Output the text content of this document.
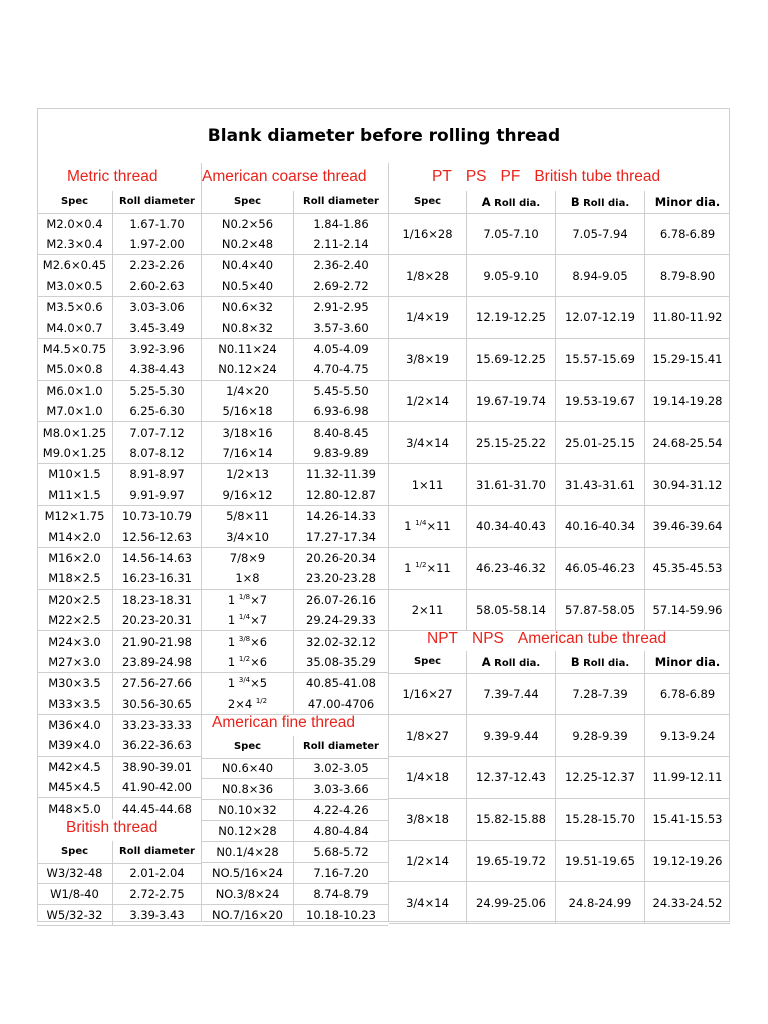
Blank diameter before rolling thread
Metric thread	American coarse thread	PT PS PF British tube thread
American fine thread
British thread
NPT NPS American tube thread
Spec	Roll diameter
M2.0×0.4	1.67-1.70
M2.3×0.4	1.97-2.00
M2.6×0.45	2.23-2.26
M3.0×0.5	2.60-2.63
M3.5×0.6	3.03-3.06
M4.0×0.7	3.45-3.49
M4.5×0.75	3.92-3.96
M5.0×0.8	4.38-4.43
M6.0×1.0	5.25-5.30
M7.0×1.0	6.25-6.30
M8.0×1.25	7.07-7.12
M9.0×1.25	8.07-8.12
M10×1.5	8.91-8.97
M11×1.5	9.91-9.97
M12×1.75	10.73-10.79
M14×2.0	12.56-12.63
M16×2.0	14.56-14.63
M18×2.5	16.23-16.31
M20×2.5	18.23-18.31
M22×2.5	20.23-20.31
M24×3.0	21.90-21.98
M27×3.0	23.89-24.98
M30×3.5	27.56-27.66
M33×3.5	30.56-30.65
M36×4.0	33.23-33.33
M39×4.0	36.22-36.63
M42×4.5	38.90-39.01
M45×4.5	41.90-42.00
M48×5.0	44.45-44.68
Spec	Roll diameter
W3/32-48	2.01-2.04
W1/8-40	2.72-2.75
W5/32-32	3.39-3.43
Spec	Roll diameter
N0.2×56	1.84-1.86
N0.2×48	2.11-2.14
N0.4×40	2.36-2.40
N0.5×40	2.69-2.72
N0.6×32	2.91-2.95
N0.8×32	3.57-3.60
N0.11×24	4.05-4.09
N0.12×24	4.70-4.75
1/4×20	5.45-5.50
5/16×18	6.93-6.98
3/18×16	8.40-8.45
7/16×14	9.83-9.89
1/2×13	11.32-11.39
9/16×12	12.80-12.87
5/8×11	14.26-14.33
3/4×10	17.27-17.34
7/8×9	20.26-20.34
1×8	23.20-23.28
1 $^{1/8}$×7	26.07-26.16
1 $^{1/4}$×7	29.24-29.33
1 $^{3/8}$×6	32.02-32.12
1 $^{1/2}$×6	35.08-35.29
1 $^{3/4}$×5	40.85-41.08
2×4 $^{1/2}$	47.00-4706
Spec	Roll diameter
N0.6×40	3.02-3.05
N0.8×36	3.03-3.66
N0.10×32	4.22-4.26
N0.12×28	4.80-4.84
N0.1/4×28	5.68-5.72
NO.5/16×24	7.16-7.20
NO.3/8×24	8.74-8.79
NO.7/16×20	10.18-10.23
Spec	A Roll dia.	B Roll dia.	Minor dia.
1/16×28	7.05-7.10	7.05-7.94	6.78-6.89
1/8×28	9.05-9.10	8.94-9.05	8.79-8.90
1/4×19	12.19-12.25	12.07-12.19	11.80-11.92
3/8×19	15.69-12.25	15.57-15.69	15.29-15.41
1/2×14	19.67-19.74	19.53-19.67	19.14-19.28
3/4×14	25.15-25.22	25.01-25.15	24.68-25.54
1×11	31.61-31.70	31.43-31.61	30.94-31.12
1 $^{1/4}$×11	40.34-40.43	40.16-40.34	39.46-39.64
1 $^{1/2}$×11	46.23-46.32	46.05-46.23	45.35-45.53
2×11	58.05-58.14	57.87-58.05	57.14-59.96
Spec	A Roll dia.	B Roll dia.	Minor dia.
1/16×27	7.39-7.44	7.28-7.39	6.78-6.89
1/8×27	9.39-9.44	9.28-9.39	9.13-9.24
1/4×18	12.37-12.43	12.25-12.37	11.99-12.11
3/8×18	15.82-15.88	15.28-15.70	15.41-15.53
1/2×14	19.65-19.72	19.51-19.65	19.12-19.26
3/4×14	24.99-25.06	24.8-24.99	24.33-24.52
